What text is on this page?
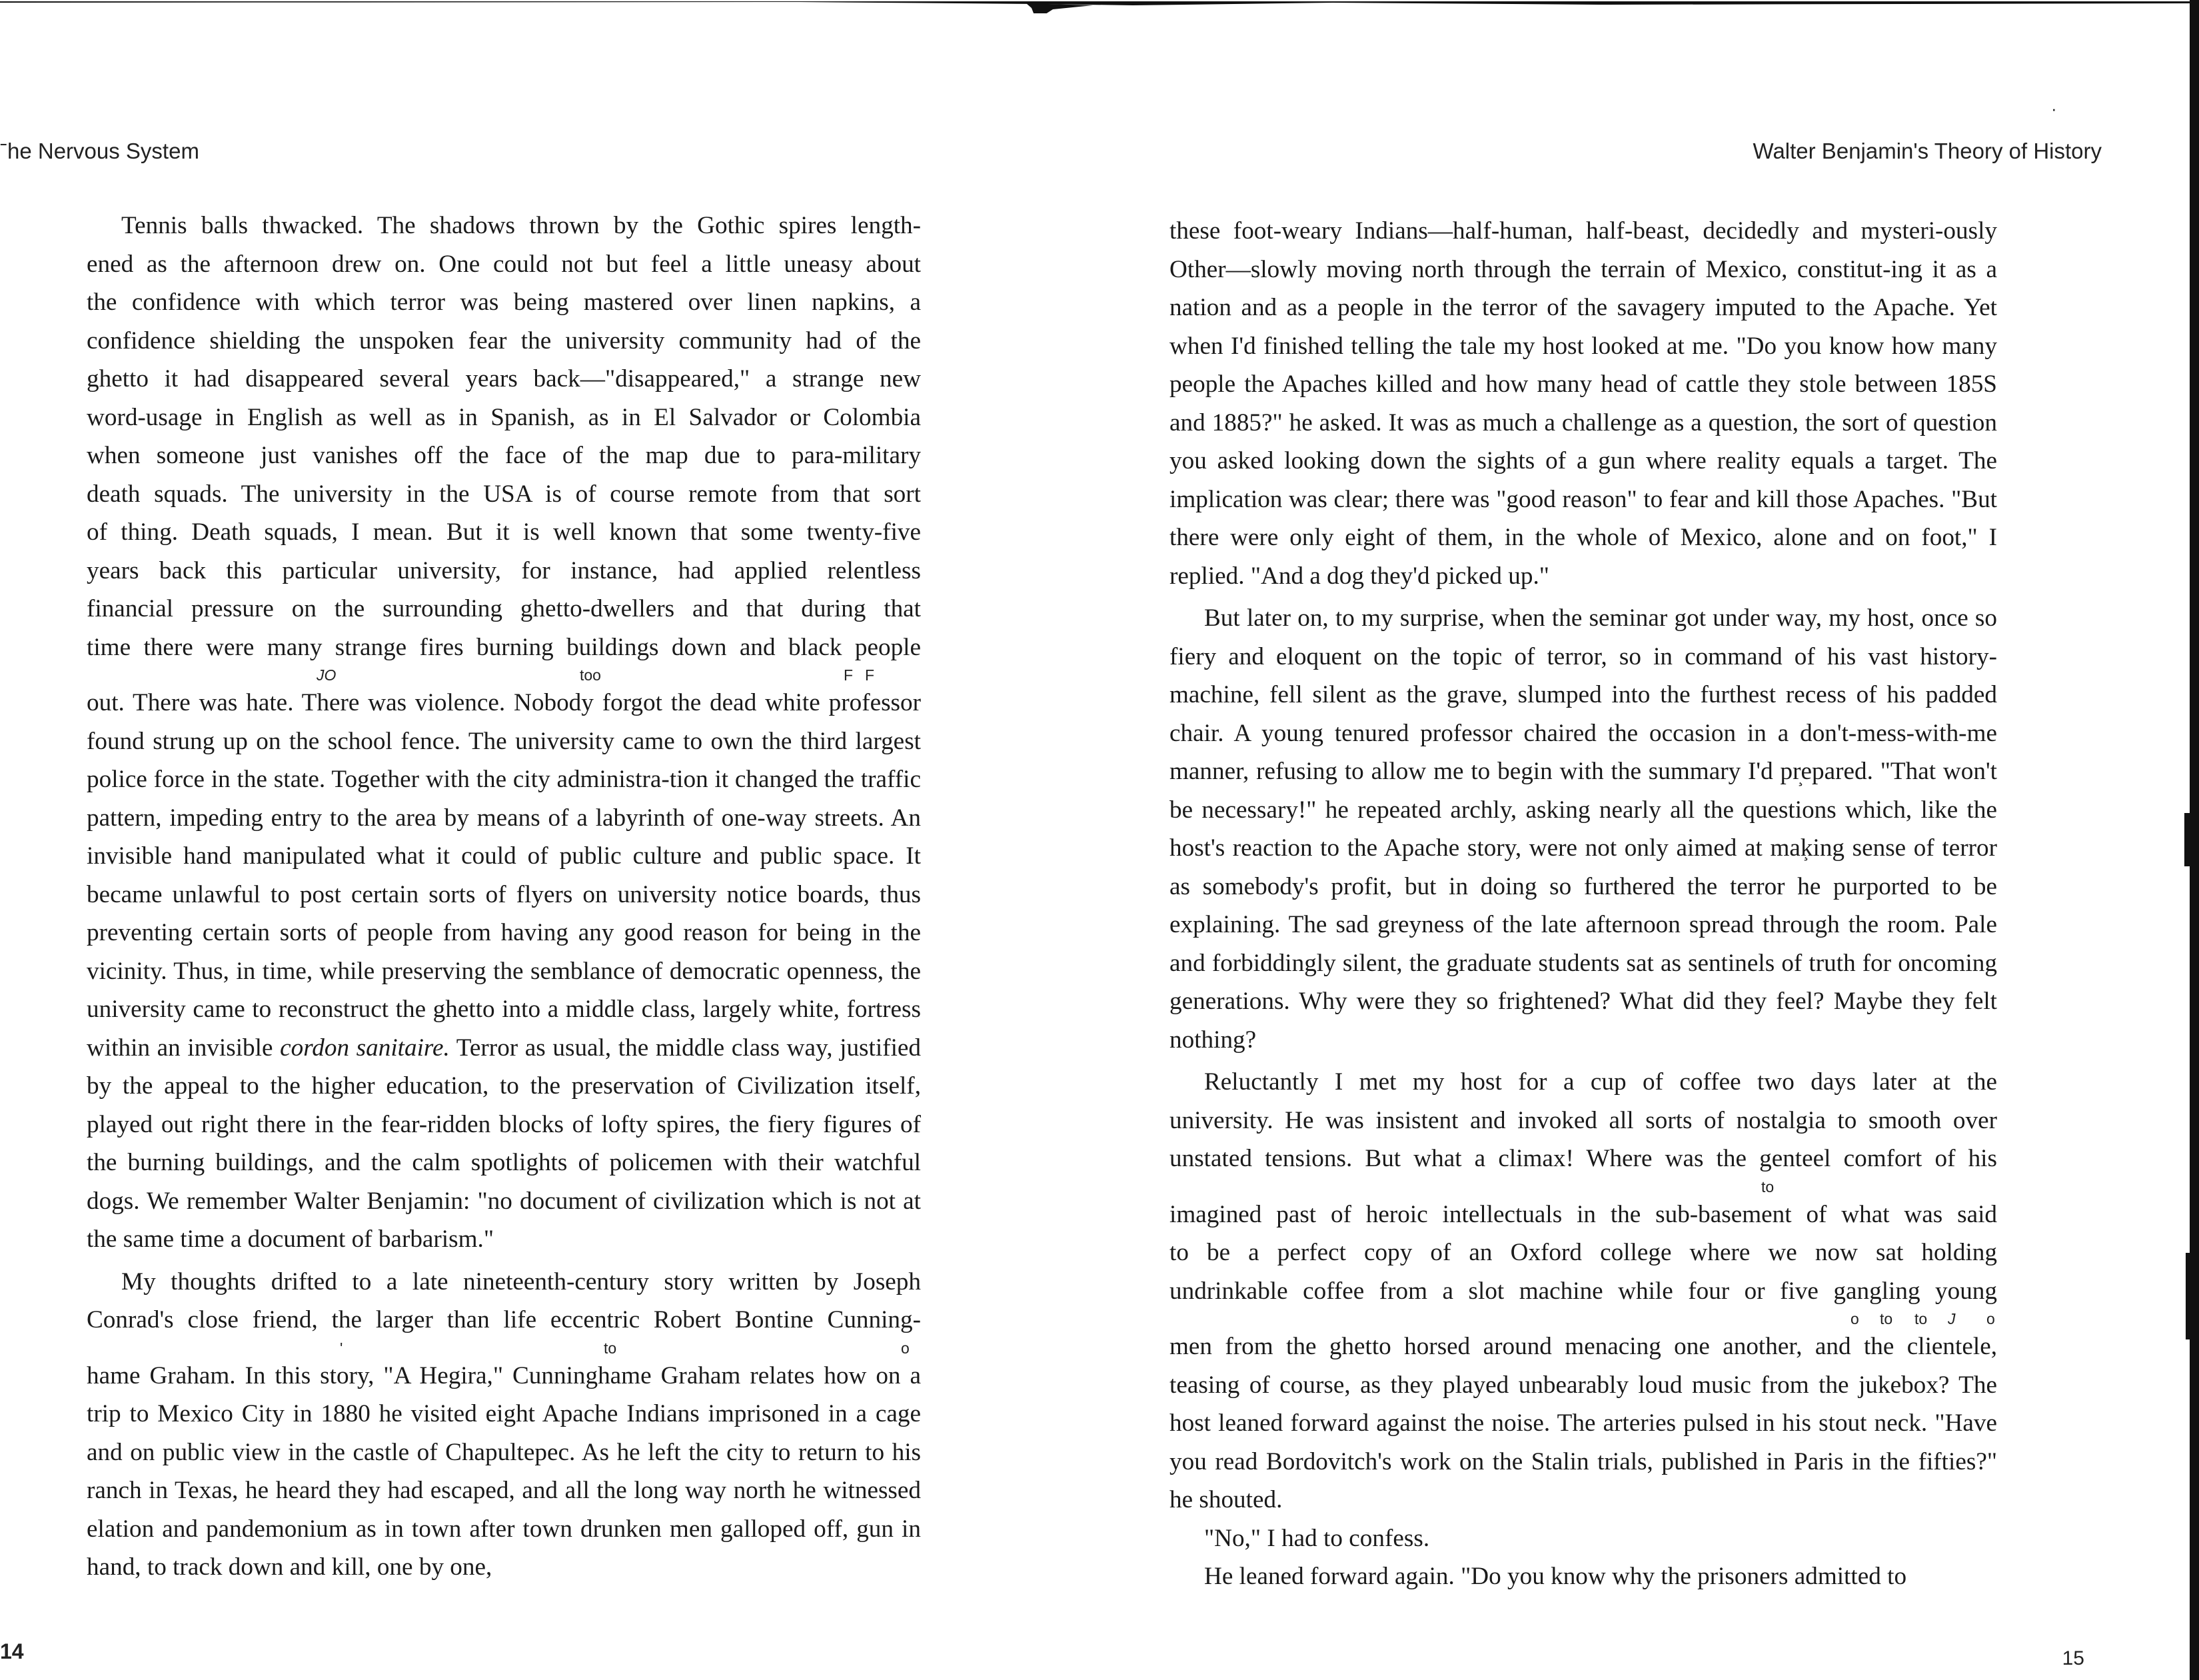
·
ˉhe Nervous System

Tennis balls thwacked. The shadows thrown by the Gothic spires length-
ened as the afternoon drew on. One could not but feel a little uneasy about
the confidence with which terror was being mastered over linen napkins, a
confidence shielding the unspoken fear the university community had of the
ghetto it had disappeared several years back—"disappeared," a strange new
word-usage in English as well as in Spanish, as in El Salvador or Colombia
when someone just vanishes off the face of the map due to para-military
death squads. The university in the USA is of course remote from that sort
of thing. Death squads, I mean. But it is well known that some twenty-five
years back this particular university, for instance, had applied relentless
financial pressure on the surrounding ghetto-dwellers and that during that
time there were many strange fires burning buildings down and black people
JO	too	F F
out. There was hate. There was violence. Nobody forgot the dead white professor found strung up on the school fence. The university came to own the third largest police force in the state. Together with the city administra-tion it changed the traffic pattern, impeding entry to the area by means of a labyrinth of one-way streets. An invisible hand manipulated what it could of public culture and public space. It became unlawful to post certain sorts of flyers on university notice boards, thus preventing certain sorts of people from having any good reason for being in the vicinity. Thus, in time, while preserving the semblance of democratic openness, the university came to reconstruct the ghetto into a middle class, largely white, fortress within an invisible cordon sanitaire. Terror as usual, the middle class way, justified by the appeal to the higher education, to the preservation of Civilization itself, played out right there in the fear-ridden blocks of lofty spires, the fiery figures of the burning buildings, and the calm spotlights of policemen with their watchful dogs. We remember Walter Benjamin: "no document of civilization which is not at the same time a document of barbarism."

My thoughts drifted to a late nineteenth-century story written by Joseph
Conrad's close friend, the larger than life eccentric Robert Bontine Cunning-
'	to	o
hame Graham. In this story, "A Hegira," Cunninghame Graham relates how on a trip to Mexico City in 1880 he visited eight Apache Indians imprisoned in a cage and on public view in the castle of Chapultepec. As he left the city to return to his ranch in Texas, he heard they had escaped, and all the long way north he witnessed elation and pandemonium as in town after town drunken men galloped off, gun in hand, to track down and kill, one by one,

14
Walter Benjamin's Theory of History

these foot-weary Indians—half-human, half-beast, decidedly and mysteri-ously Other—slowly moving north through the terrain of Mexico, constitut-ing it as a nation and as a people in the terror of the savagery imputed to the Apache. Yet when I'd finished telling the tale my host looked at me. "Do you know how many people the Apaches killed and how many head of cattle they stole between 185S and 1885?" he asked. It was as much a challenge as a question, the sort of question you asked looking down the sights of a gun where reality equals a target. The implication was clear; there was "good reason" to fear and kill those Apaches. "But there were only eight of them, in the whole of Mexico, alone and on foot," I replied. "And a dog they'd picked up."

But later on, to my surprise, when the seminar got under way, my host, once so fiery and eloquent on the topic of terror, so in command of his vast history-machine, fell silent as the grave, slumped into the furthest recess of his padded chair. A young tenured professor chaired the occasion in a don't-mess-with-me manner, refusing to allow me to begin with the summary I'd prepared. "That won't be necessary!" he repeated archly, asking nearly all the questions which, like the host's reaction to the Apache story, were not only aimed at making sense of terror as somebody's profit, but in doing so furthered the terror he purported to be explaining. The sad greyness of the late afternoon spread through the room. Pale and forbiddingly silent, the graduate students sat as sentinels of truth for oncoming generations. Why were they so frightened? What did they feel? Maybe they felt nothing?

Reluctantly I met my host for a cup of coffee two days later at the
university. He was insistent and invoked all sorts of nostalgia to smooth over
unstated tensions. But what a climax! Where was the genteel comfort of his
to
imagined past of heroic intellectuals in the sub-basement of what was said
to be a perfect copy of an Oxford college where we now sat holding
undrinkable coffee from a slot machine while four or five gangling young
o to to J o
men from the ghetto horsed around menacing one another, and the clientele, teasing of course, as they played unbearably loud music from the jukebox? The host leaned forward against the noise. The arteries pulsed in his stout neck. "Have you read Bordovitch's work on the Stalin trials, published in Paris in the fifties?" he shouted.

"No," I had to confess.

He leaned forward again. "Do you know why the prisoners admitted to

15
